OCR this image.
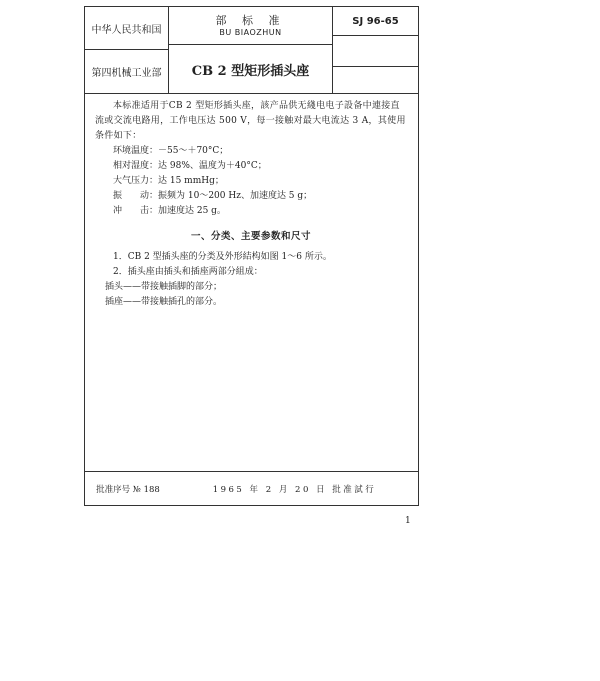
中华人民共和国
第四机械工业部
部 标 准
BU BIAOZHUN
CB 2 型矩形插头座
SJ 96-65

本标准适用于CB 2 型矩形插头座，該产品供无綫电电子設备中連接直流或交流电路用，工作电压达 500 V，每一接触对最大电流达 3 A，其使用条件如下：

环境温度：－55～＋70°C；

相对湿度：达 98%、温度为＋40°C；

大气压力：达 15 mmHg；

振　　动：振频为 10～200 Hz、加速度达 5 g；

冲　　击：加速度达 25 g。

一、分类、主要参数和尺寸

1．CB 2 型插头座的分类及外形結构如图 1～6 所示。

2．插头座由插头和插座两部分組成：

插头——带接触插脚的部分；

插座——带接触插孔的部分。

批准序号 № 188	1965 年 2 月 20 日 批准試行
1
